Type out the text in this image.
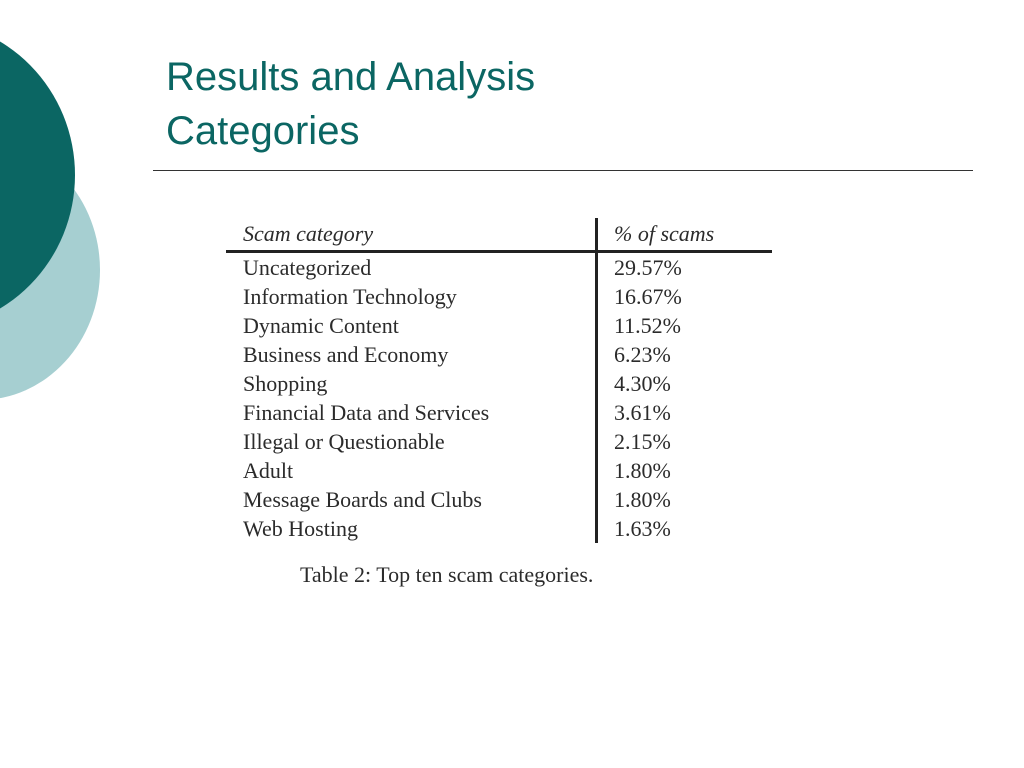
Results and Analysis
Categories
Scam category	% of scams
Uncategorized	29.57%
Information Technology	16.67%
Dynamic Content	11.52%
Business and Economy	6.23%
Shopping	4.30%
Financial Data and Services	3.61%
Illegal or Questionable	2.15%
Adult	1.80%
Message Boards and Clubs	1.80%
Web Hosting	1.63%
Table 2: Top ten scam categories.
